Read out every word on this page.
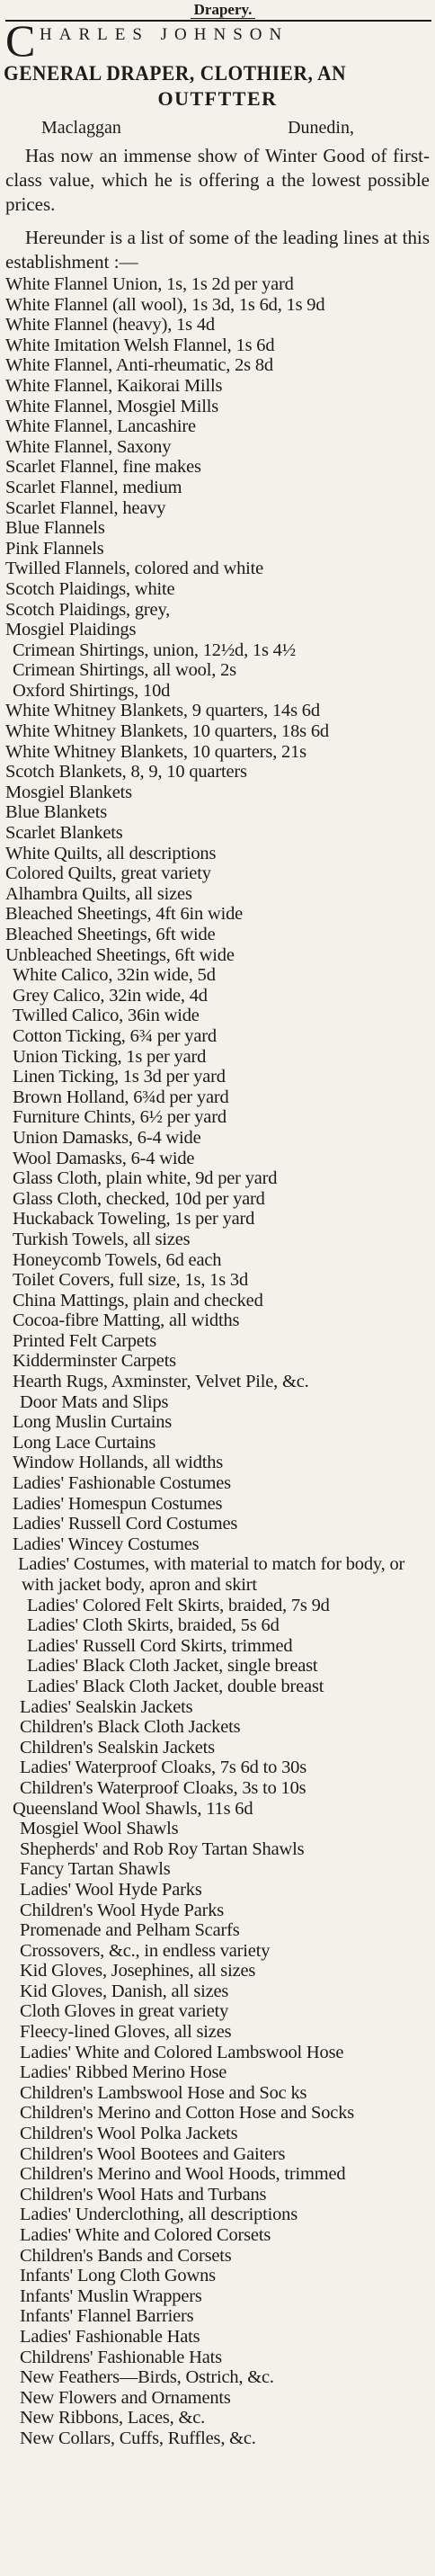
Drapery.
C HARLES JOHNSON
GENERAL DRAPER, CLOTHIER, AN
OUTFTTER
Maclaggan	Dunedin,
Has now an immense show of Winter Good of first-class value, which he is offering a the lowest possible prices.
Hereunder is a list of some of the leading lines at this establishment :—
White Flannel Union, 1s, 1s 2d per yard
White Flannel (all wool), 1s 3d, 1s 6d, 1s 9d
White Flannel (heavy), 1s 4d
White Imitation Welsh Flannel, 1s 6d
White Flannel, Anti-rheumatic, 2s 8d
White Flannel, Kaikorai Mills
White Flannel, Mosgiel Mills
White Flannel, Lancashire
White Flannel, Saxony
Scarlet Flannel, fine makes
Scarlet Flannel, medium
Scarlet Flannel, heavy
Blue Flannels
Pink Flannels
Twilled Flannels, colored and white
Scotch Plaidings, white
Scotch Plaidings, grey,
Mosgiel Plaidings
Crimean Shirtings, union, 12½d, 1s 4½
Crimean Shirtings, all wool, 2s
Oxford Shirtings, 10d
White Whitney Blankets, 9 quarters, 14s 6d
White Whitney Blankets, 10 quarters, 18s 6d
White Whitney Blankets, 10 quarters, 21s
Scotch Blankets, 8, 9, 10 quarters
Mosgiel Blankets
Blue Blankets
Scarlet Blankets
White Quilts, all descriptions
Colored Quilts, great variety
Alhambra Quilts, all sizes
Bleached Sheetings, 4ft 6in wide
Bleached Sheetings, 6ft wide
Unbleached Sheetings, 6ft wide
White Calico, 32in wide, 5d
Grey Calico, 32in wide, 4d
Twilled Calico, 36in wide
Cotton Ticking, 6¾ per yard
Union Ticking, 1s per yard
Linen Ticking, 1s 3d per yard
Brown Holland, 6¾d per yard
Furniture Chints, 6½ per yard
Union Damasks, 6-4 wide
Wool Damasks, 6-4 wide
Glass Cloth, plain white, 9d per yard
Glass Cloth, checked, 10d per yard
Huckaback Toweling, 1s per yard
Turkish Towels, all sizes
Honeycomb Towels, 6d each
Toilet Covers, full size, 1s, 1s 3d
China Mattings, plain and checked
Cocoa-fibre Matting, all widths
Printed Felt Carpets
Kidderminster Carpets
Hearth Rugs, Axminster, Velvet Pile, &c.
Door Mats and Slips
Long Muslin Curtains
Long Lace Curtains
Window Hollands, all widths
Ladies' Fashionable Costumes
Ladies' Homespun Costumes
Ladies' Russell Cord Costumes
Ladies' Wincey Costumes
Ladies' Costumes, with material to match for body, or with jacket body, apron and skirt
Ladies' Colored Felt Skirts, braided, 7s 9d
Ladies' Cloth Skirts, braided, 5s 6d
Ladies' Russell Cord Skirts, trimmed
Ladies' Black Cloth Jacket, single breast
Ladies' Black Cloth Jacket, double breast
Ladies' Sealskin Jackets
Children's Black Cloth Jackets
Children's Sealskin Jackets
Ladies' Waterproof Cloaks, 7s 6d to 30s
Children's Waterproof Cloaks, 3s to 10s
Queensland Wool Shawls, 11s 6d
Mosgiel Wool Shawls
Shepherds' and Rob Roy Tartan Shawls
Fancy Tartan Shawls
Ladies' Wool Hyde Parks
Children's Wool Hyde Parks
Promenade and Pelham Scarfs
Crossovers, &c., in endless variety
Kid Gloves, Josephines, all sizes
Kid Gloves, Danish, all sizes
Cloth Gloves in great variety
Fleecy-lined Gloves, all sizes
Ladies' White and Colored Lambswool Hose
Ladies' Ribbed Merino Hose
Children's Lambswool Hose and Soc ks
Children's Merino and Cotton Hose and Socks
Children's Wool Polka Jackets
Children's Wool Bootees and Gaiters
Children's Merino and Wool Hoods, trimmed
Children's Wool Hats and Turbans
Ladies' Underclothing, all descriptions
Ladies' White and Colored Corsets
Children's Bands and Corsets
Infants' Long Cloth Gowns
Infants' Muslin Wrappers
Infants' Flannel Barriers
Ladies' Fashionable Hats
Childrens' Fashionable Hats
New Feathers—Birds, Ostrich, &c.
New Flowers and Ornaments
New Ribbons, Laces, &c.
New Collars, Cuffs, Ruffles, &c.
